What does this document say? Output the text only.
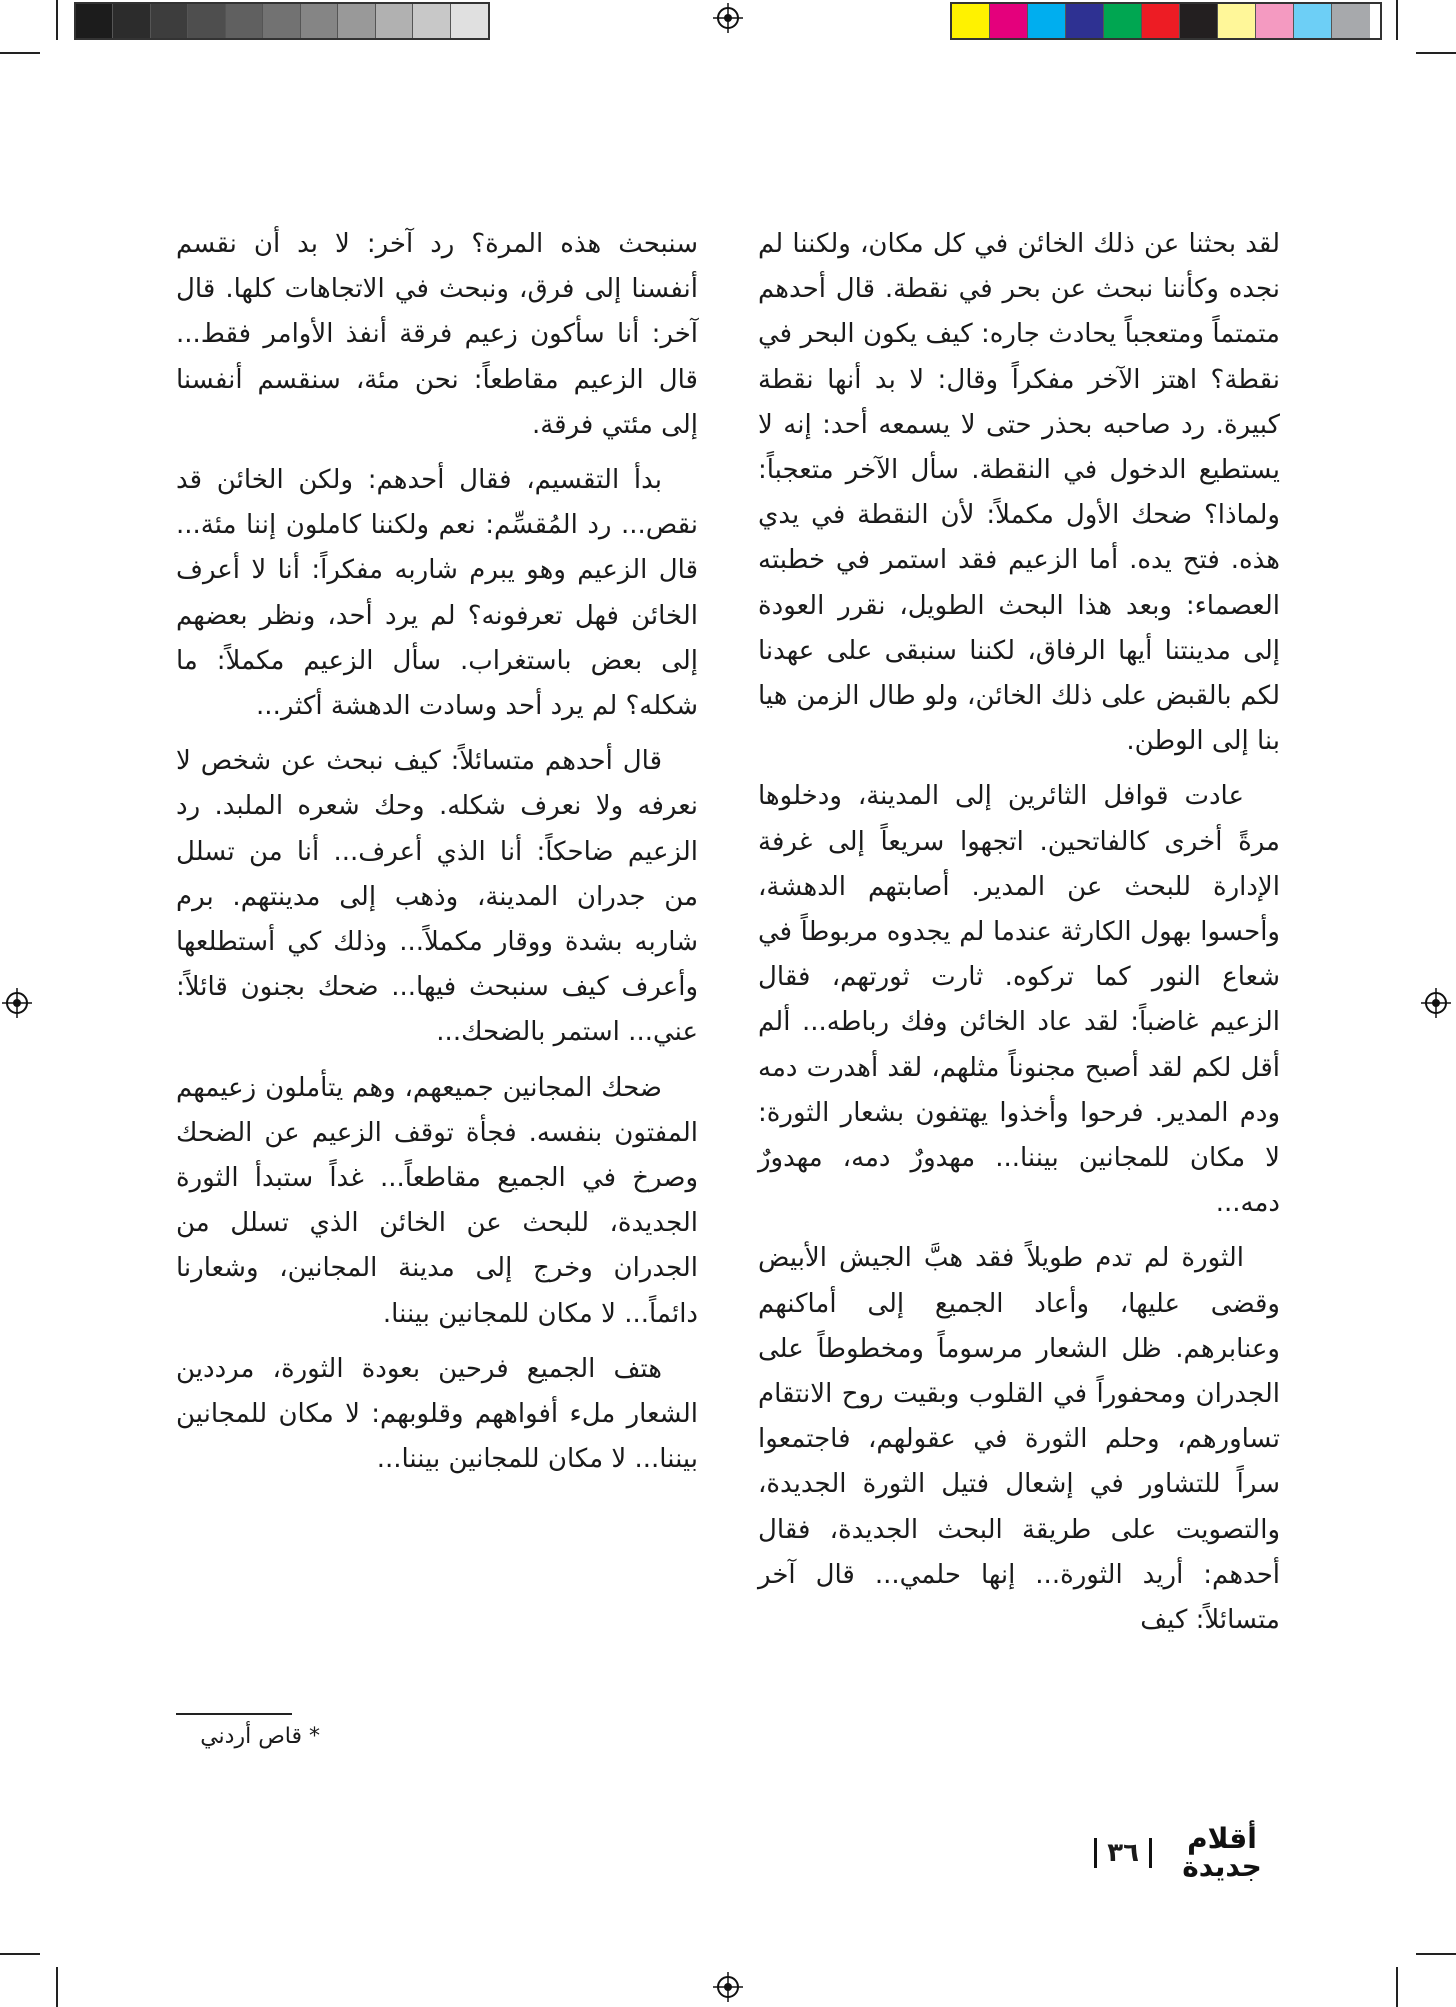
لقد بحثنا عن ذلك الخائن في كل مكان، ولكننا لم نجده وكأننا نبحث عن بحر في نقطة. قال أحدهم متمتماً ومتعجباً يحادث جاره: كيف يكون البحر في نقطة؟ اهتز الآخر مفكراً وقال: لا بد أنها نقطة كبيرة. رد صاحبه بحذر حتى لا يسمعه أحد: إنه لا يستطيع الدخول في النقطة. سأل الآخر متعجباً: ولماذا؟ ضحك الأول مكملاً: لأن النقطة في يدي هذه. فتح يده. أما الزعيم فقد استمر في خطبته العصماء: وبعد هذا البحث الطويل، نقرر العودة إلى مدينتنا أيها الرفاق، لكننا سنبقى على عهدنا لكم بالقبض على ذلك الخائن، ولو طال الزمن هيا بنا إلى الوطن.

عادت قوافل الثائرين إلى المدينة، ودخلوها مرةً أخرى كالفاتحين. اتجهوا سريعاً إلى غرفة الإدارة للبحث عن المدير. أصابتهم الدهشة، وأحسوا بهول الكارثة عندما لم يجدوه مربوطاً في شعاع النور كما تركوه. ثارت ثورتهم، فقال الزعيم غاضباً: لقد عاد الخائن وفك رباطه... ألم أقل لكم لقد أصبح مجنوناً مثلهم، لقد أهدرت دمه ودم المدير. فرحوا وأخذوا يهتفون بشعار الثورة: لا مكان للمجانين بيننا... مهدورٌ دمه، مهدورٌ دمه...

الثورة لم تدم طويلاً فقد هبَّ الجيش الأبيض وقضى عليها، وأعاد الجميع إلى أماكنهم وعنابرهم. ظل الشعار مرسوماً ومخطوطاً على الجدران ومحفوراً في القلوب وبقيت روح الانتقام تساورهم، وحلم الثورة في عقولهم، فاجتمعوا سراً للتشاور في إشعال فتيل الثورة الجديدة، والتصويت على طريقة البحث الجديدة، فقال أحدهم: أريد الثورة... إنها حلمي... قال آخر متسائلاً: كيف

سنبحث هذه المرة؟ رد آخر: لا بد أن نقسم أنفسنا إلى فرق، ونبحث في الاتجاهات كلها. قال آخر: أنا سأكون زعيم فرقة أنفذ الأوامر فقط... قال الزعيم مقاطعاً: نحن مئة، سنقسم أنفسنا إلى مئتي فرقة.

بدأ التقسيم، فقال أحدهم: ولكن الخائن قد نقص... رد المُقسِّم: نعم ولكننا كاملون إننا مئة... قال الزعيم وهو يبرم شاربه مفكراً: أنا لا أعرف الخائن فهل تعرفونه؟ لم يرد أحد، ونظر بعضهم إلى بعض باستغراب. سأل الزعيم مكملاً: ما شكله؟ لم يرد أحد وسادت الدهشة أكثر...

قال أحدهم متسائلاً: كيف نبحث عن شخص لا نعرفه ولا نعرف شكله. وحك شعره الملبد. رد الزعيم ضاحكاً: أنا الذي أعرف... أنا من تسلل من جدران المدينة، وذهب إلى مدينتهم. برم شاربه بشدة ووقار مكملاً... وذلك كي أستطلعها وأعرف كيف سنبحث فيها... ضحك بجنون قائلاً: عني... استمر بالضحك...

ضحك المجانين جميعهم، وهم يتأملون زعيمهم المفتون بنفسه. فجأة توقف الزعيم عن الضحك وصرخ في الجميع مقاطعاً... غداً ستبدأ الثورة الجديدة، للبحث عن الخائن الذي تسلل من الجدران وخرج إلى مدينة المجانين، وشعارنا دائماً... لا مكان للمجانين بيننا.

هتف الجميع فرحين بعودة الثورة، مرددين الشعار ملء أفواههم وقلوبهم: لا مكان للمجانين بيننا... لا مكان للمجانين بيننا...

* قاص أردني
أقلام
جديدة
٣٦
